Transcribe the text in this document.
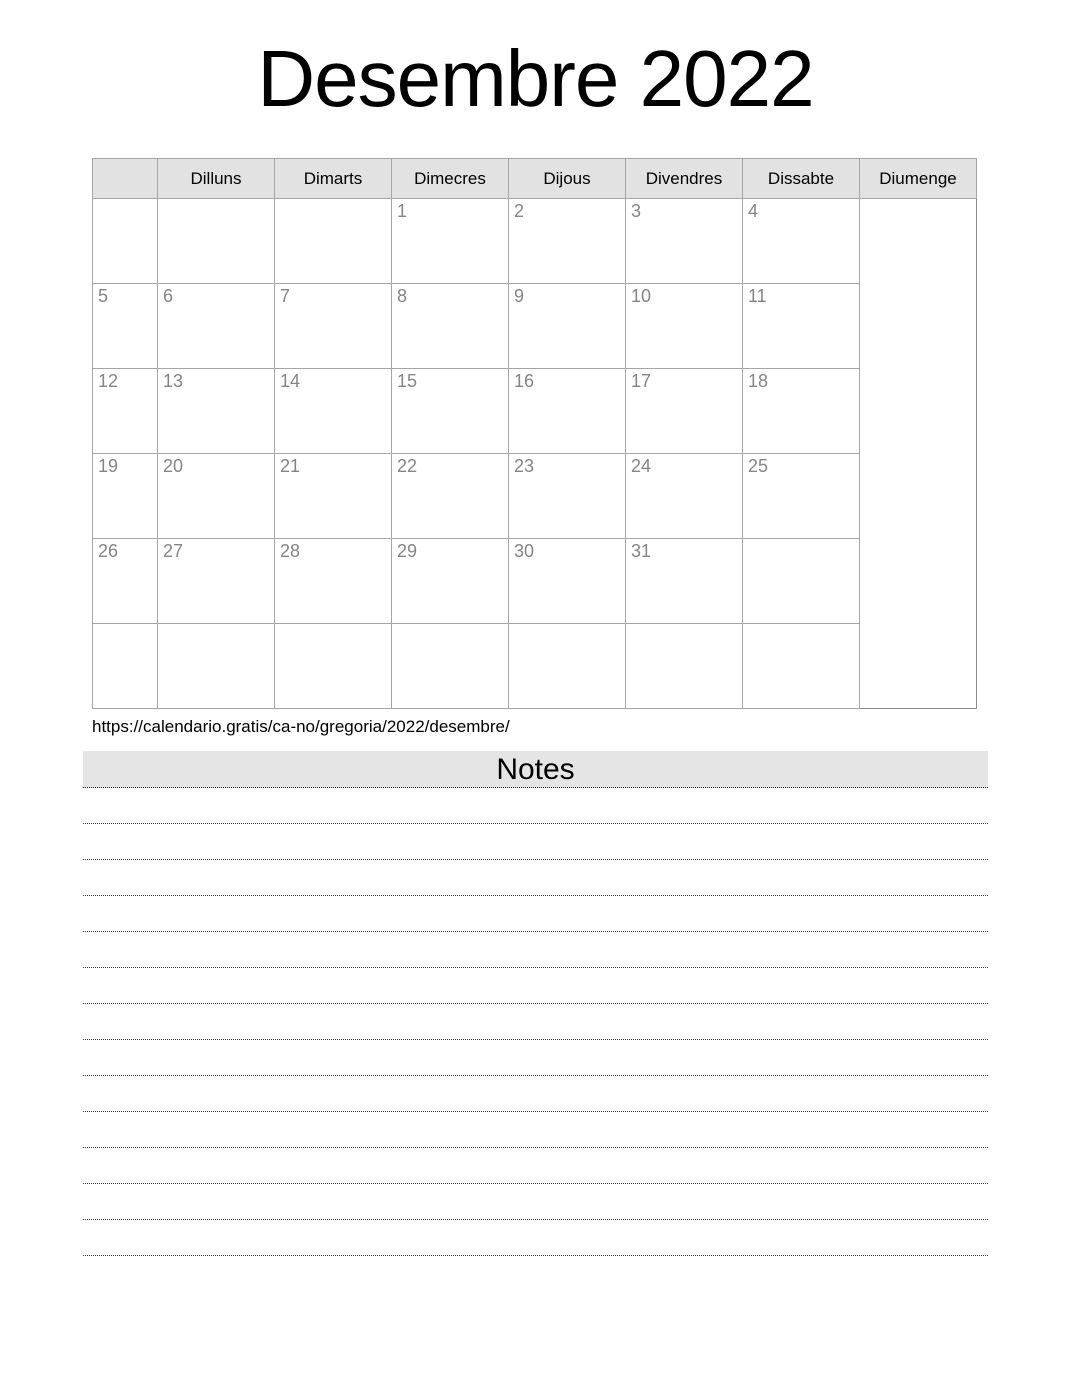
Desembre 2022
	Dilluns	Dimarts	Dimecres	Dijous	Divendres	Dissabte	Diumenge
			1	2	3	4	
5	6	7	8	9	10	11	
12	13	14	15	16	17	18	
19	20	21	22	23	24	25	
26	27	28	29	30	31		

https://calendario.gratis/ca-no/gregoria/2022/desembre/
Notes
